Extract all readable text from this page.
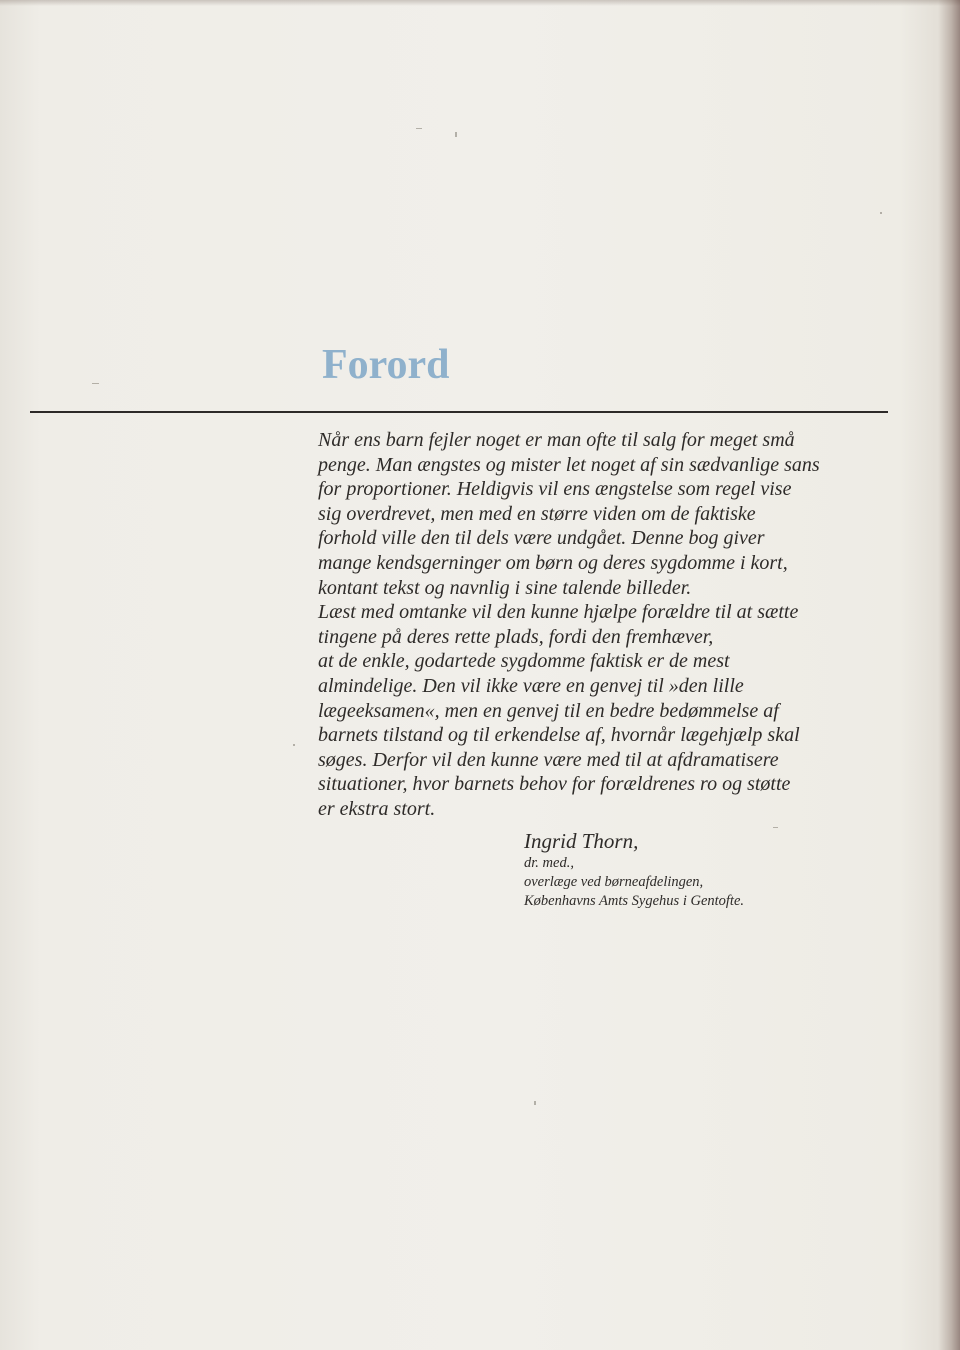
Forord
Når ens barn fejler noget er man ofte til salg for meget små
penge. Man ængstes og mister let noget af sin sædvanlige sans
for proportioner. Heldigvis vil ens ængstelse som regel vise
sig overdrevet, men med en større viden om de faktiske
forhold ville den til dels være undgået. Denne bog giver
mange kendsgerninger om børn og deres sygdomme i kort,
kontant tekst og navnlig i sine talende billeder.
Læst med omtanke vil den kunne hjælpe forældre til at sætte
tingene på deres rette plads, fordi den fremhæver,
at de enkle, godartede sygdomme faktisk er de mest
almindelige. Den vil ikke være en genvej til »den lille
lægeeksamen«, men en genvej til en bedre bedømmelse af
barnets tilstand og til erkendelse af, hvornår lægehjælp skal
søges. Derfor vil den kunne være med til at afdramatisere
situationer, hvor barnets behov for forældrenes ro og støtte
er ekstra stort.
Ingrid Thorn,
dr. med.,
overlæge ved børneafdelingen,
Københavns Amts Sygehus i Gentofte.
